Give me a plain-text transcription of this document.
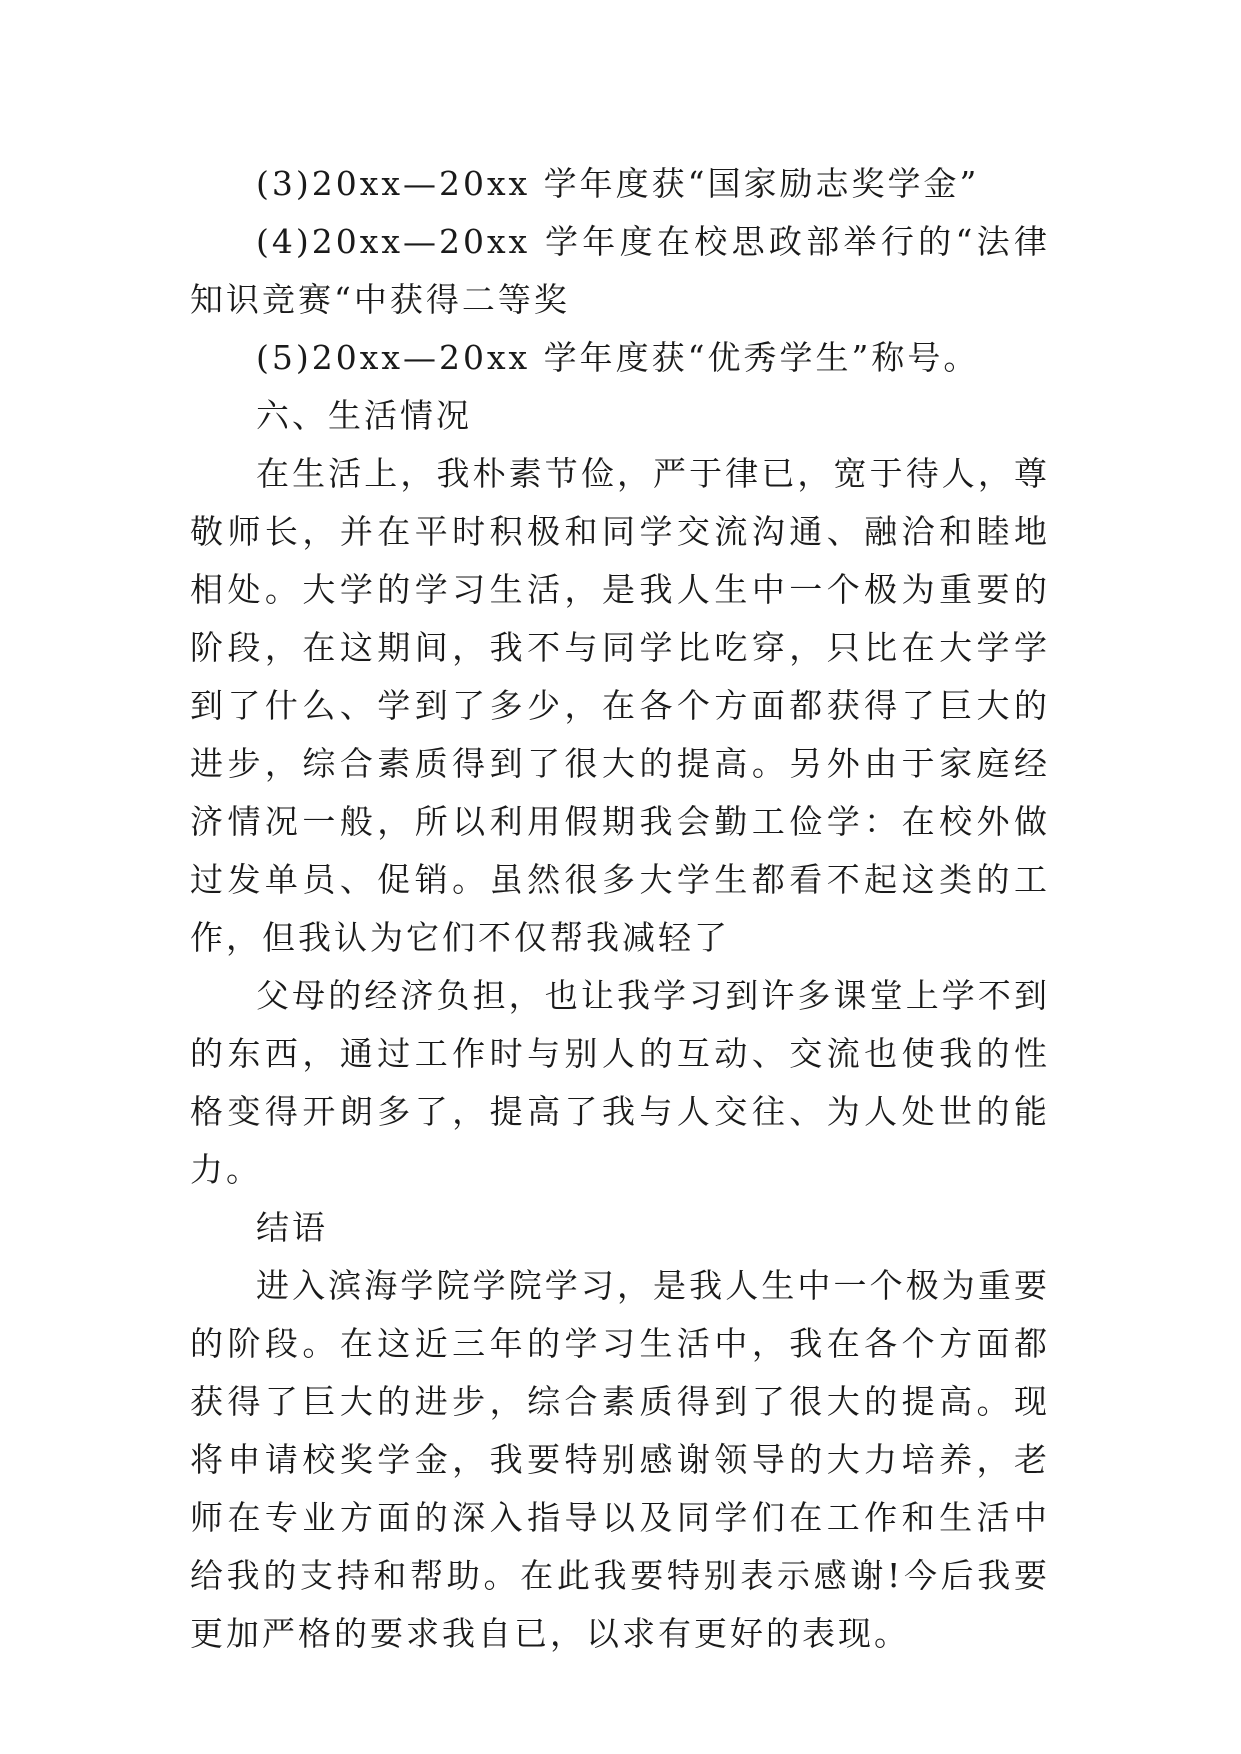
(3)20xx—20xx 学年度获“国家励志奖学金”

(4)20xx—20xx 学年度在校思政部举行的“法律知识竞赛“中获得二等奖

(5)20xx—20xx 学年度获“优秀学生”称号。

六、生活情况

在生活上，我朴素节俭，严于律已，宽于待人，尊敬师长，并在平时积极和同学交流沟通、融洽和睦地相处。大学的学习生活，是我人生中一个极为重要的阶段，在这期间，我不与同学比吃穿，只比在大学学到了什么、学到了多少，在各个方面都获得了巨大的进步，综合素质得到了很大的提高。另外由于家庭经济情况一般，所以利用假期我会勤工俭学：在校外做过发单员、促销。虽然很多大学生都看不起这类的工作，但我认为它们不仅帮我减轻了

父母的经济负担，也让我学习到许多课堂上学不到的东西，通过工作时与别人的互动、交流也使我的性格变得开朗多了，提高了我与人交往、为人处世的能力。

结语

进入滨海学院学院学习，是我人生中一个极为重要的阶段。在这近三年的学习生活中，我在各个方面都获得了巨大的进步，综合素质得到了很大的提高。现将申请校奖学金，我要特别感谢领导的大力培养，老师在专业方面的深入指导以及同学们在工作和生活中给我的支持和帮助。在此我要特别表示感谢!今后我要更加严格的要求我自已，以求有更好的表现。
